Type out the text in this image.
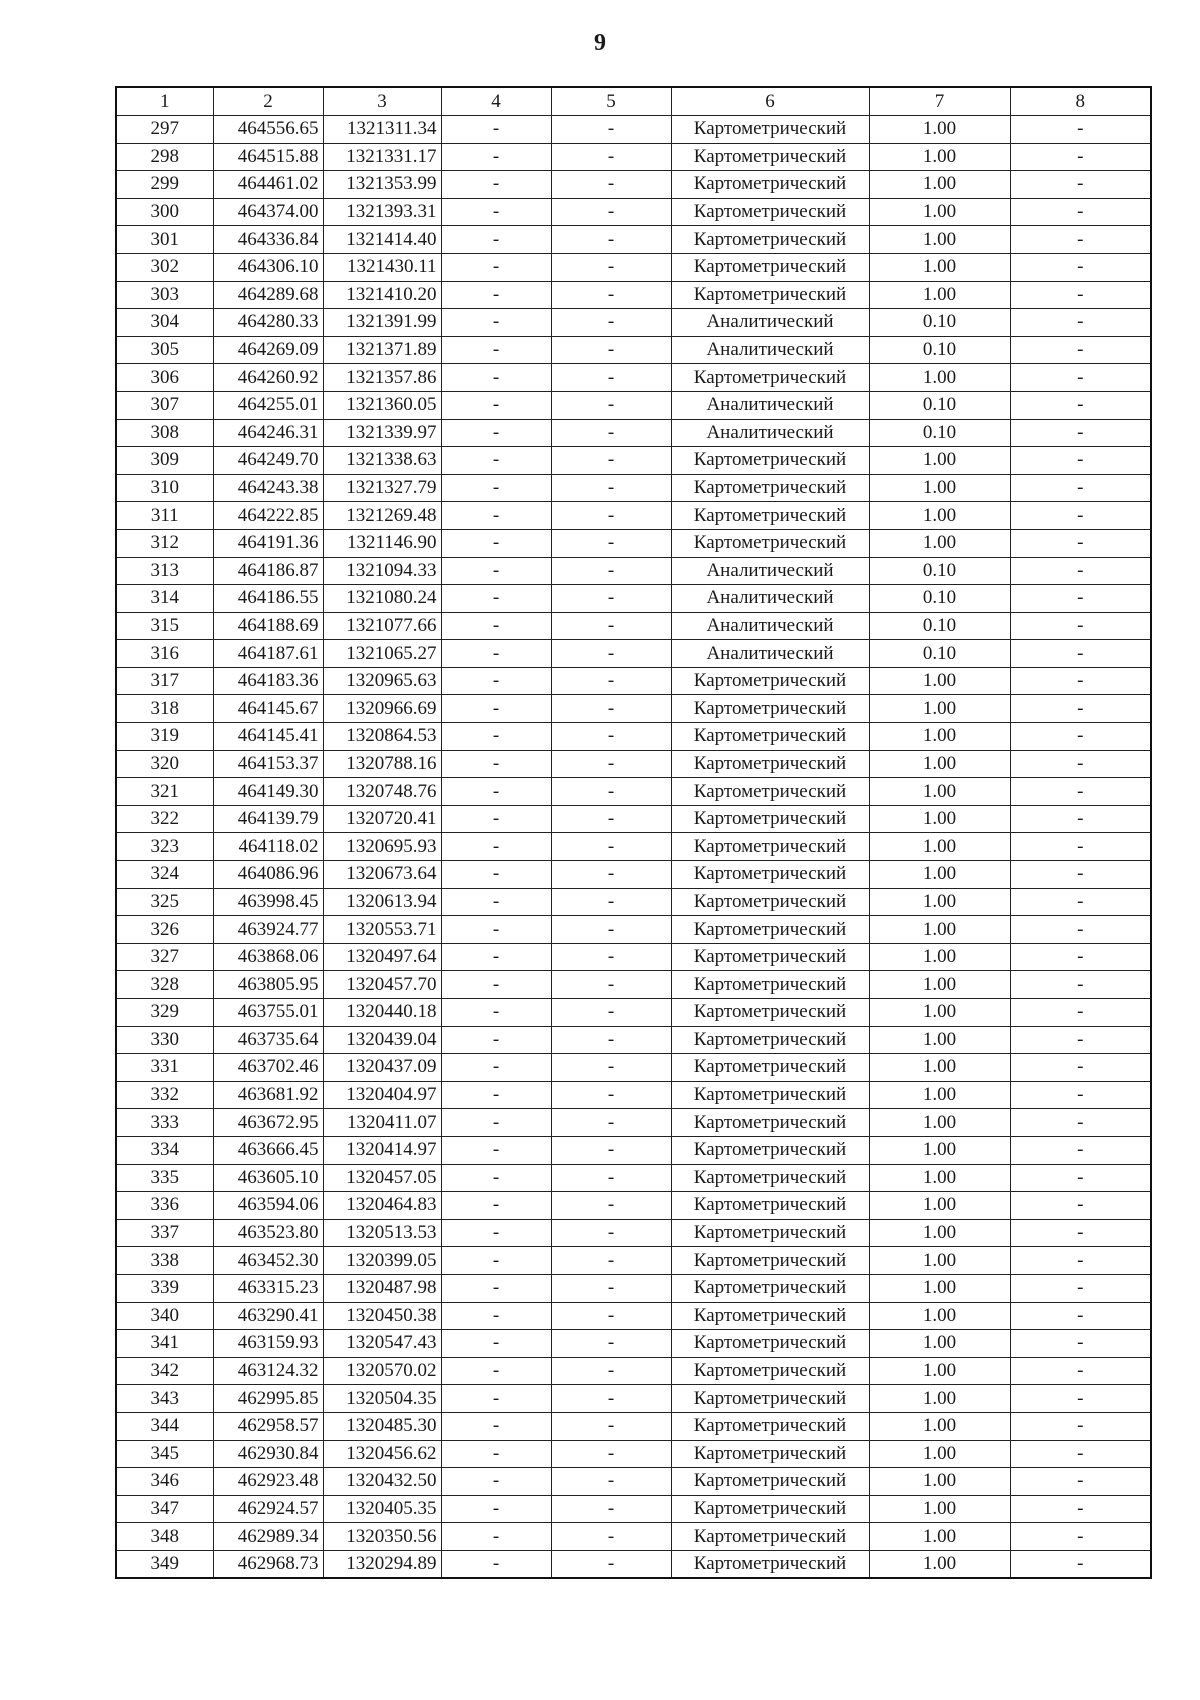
9
1	2	3	4	5	6	7	8
297	464556.65	1321311.34	-	-	Картометрический	1.00	-
298	464515.88	1321331.17	-	-	Картометрический	1.00	-
299	464461.02	1321353.99	-	-	Картометрический	1.00	-
300	464374.00	1321393.31	-	-	Картометрический	1.00	-
301	464336.84	1321414.40	-	-	Картометрический	1.00	-
302	464306.10	1321430.11	-	-	Картометрический	1.00	-
303	464289.68	1321410.20	-	-	Картометрический	1.00	-
304	464280.33	1321391.99	-	-	Аналитический	0.10	-
305	464269.09	1321371.89	-	-	Аналитический	0.10	-
306	464260.92	1321357.86	-	-	Картометрический	1.00	-
307	464255.01	1321360.05	-	-	Аналитический	0.10	-
308	464246.31	1321339.97	-	-	Аналитический	0.10	-
309	464249.70	1321338.63	-	-	Картометрический	1.00	-
310	464243.38	1321327.79	-	-	Картометрический	1.00	-
311	464222.85	1321269.48	-	-	Картометрический	1.00	-
312	464191.36	1321146.90	-	-	Картометрический	1.00	-
313	464186.87	1321094.33	-	-	Аналитический	0.10	-
314	464186.55	1321080.24	-	-	Аналитический	0.10	-
315	464188.69	1321077.66	-	-	Аналитический	0.10	-
316	464187.61	1321065.27	-	-	Аналитический	0.10	-
317	464183.36	1320965.63	-	-	Картометрический	1.00	-
318	464145.67	1320966.69	-	-	Картометрический	1.00	-
319	464145.41	1320864.53	-	-	Картометрический	1.00	-
320	464153.37	1320788.16	-	-	Картометрический	1.00	-
321	464149.30	1320748.76	-	-	Картометрический	1.00	-
322	464139.79	1320720.41	-	-	Картометрический	1.00	-
323	464118.02	1320695.93	-	-	Картометрический	1.00	-
324	464086.96	1320673.64	-	-	Картометрический	1.00	-
325	463998.45	1320613.94	-	-	Картометрический	1.00	-
326	463924.77	1320553.71	-	-	Картометрический	1.00	-
327	463868.06	1320497.64	-	-	Картометрический	1.00	-
328	463805.95	1320457.70	-	-	Картометрический	1.00	-
329	463755.01	1320440.18	-	-	Картометрический	1.00	-
330	463735.64	1320439.04	-	-	Картометрический	1.00	-
331	463702.46	1320437.09	-	-	Картометрический	1.00	-
332	463681.92	1320404.97	-	-	Картометрический	1.00	-
333	463672.95	1320411.07	-	-	Картометрический	1.00	-
334	463666.45	1320414.97	-	-	Картометрический	1.00	-
335	463605.10	1320457.05	-	-	Картометрический	1.00	-
336	463594.06	1320464.83	-	-	Картометрический	1.00	-
337	463523.80	1320513.53	-	-	Картометрический	1.00	-
338	463452.30	1320399.05	-	-	Картометрический	1.00	-
339	463315.23	1320487.98	-	-	Картометрический	1.00	-
340	463290.41	1320450.38	-	-	Картометрический	1.00	-
341	463159.93	1320547.43	-	-	Картометрический	1.00	-
342	463124.32	1320570.02	-	-	Картометрический	1.00	-
343	462995.85	1320504.35	-	-	Картометрический	1.00	-
344	462958.57	1320485.30	-	-	Картометрический	1.00	-
345	462930.84	1320456.62	-	-	Картометрический	1.00	-
346	462923.48	1320432.50	-	-	Картометрический	1.00	-
347	462924.57	1320405.35	-	-	Картометрический	1.00	-
348	462989.34	1320350.56	-	-	Картометрический	1.00	-
349	462968.73	1320294.89	-	-	Картометрический	1.00	-
